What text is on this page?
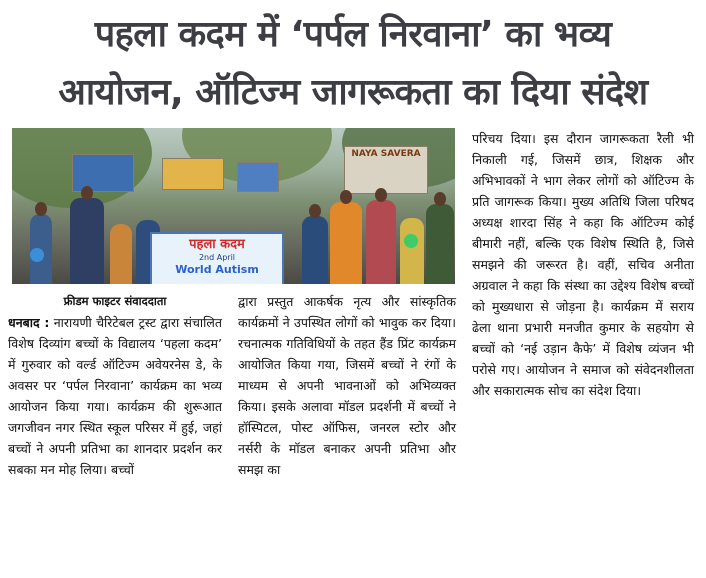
पहला कदम में ‘पर्पल निरवाना’ का भव्य
आयोजन, ऑटिज्म जागरूकता का दिया संदेश
NAYA SAVERA
पहला कदम
2nd April
World Autism
फ्रीडम फाइटर संवाददाता

धनबाद : नारायणी चैरिटेबल ट्रस्ट द्वारा संचालित विशेष दिव्यांग बच्चों के विद्यालय ‘पहला कदम’ में गुरुवार को वर्ल्ड ऑटिज्म अवेयरनेस डे, के अवसर पर ‘पर्पल निरवाना’ कार्यक्रम का भव्य आयोजन किया गया। कार्यक्रम की शुरूआत जगजीवन नगर स्थित स्कूल परिसर में हुई, जहां बच्चों ने अपनी प्रतिभा का शानदार प्रदर्शन कर सबका मन मोह लिया। बच्चों

द्वारा प्रस्तुत आकर्षक नृत्य और सांस्कृतिक कार्यक्रमों ने उपस्थित लोगों को भावुक कर दिया। रचनात्मक गतिविधियों के तहत हैंड प्रिंट कार्यक्रम आयोजित किया गया, जिसमें बच्चों ने रंगों के माध्यम से अपनी भावनाओं को अभिव्यक्त किया। इसके अलावा मॉडल प्रदर्शनी में बच्चों ने हॉस्पिटल, पोस्ट ऑफिस, जनरल स्टोर और नर्सरी के मॉडल बनाकर अपनी प्रतिभा और समझ का

परिचय दिया। इस दौरान जागरूकता रैली भी निकाली गई, जिसमें छात्र, शिक्षक और अभिभावकों ने भाग लेकर लोगों को ऑटिज्म के प्रति जागरूक किया। मुख्य अतिथि जिला परिषद अध्यक्ष शारदा सिंह ने कहा कि ऑटिज्म कोई बीमारी नहीं, बल्कि एक विशेष स्थिति है, जिसे समझने की जरूरत है। वहीं, सचिव अनीता अग्रवाल ने कहा कि संस्था का उद्देश्य विशेष बच्चों को मुख्यधारा से जोड़ना है। कार्यक्रम में सराय ढेला थाना प्रभारी मनजीत कुमार के सहयोग से बच्चों को ‘नई उड़ान कैफे’ में विशेष व्यंजन भी परोसे गए। आयोजन ने समाज को संवेदनशीलता और सकारात्मक सोच का संदेश दिया।
